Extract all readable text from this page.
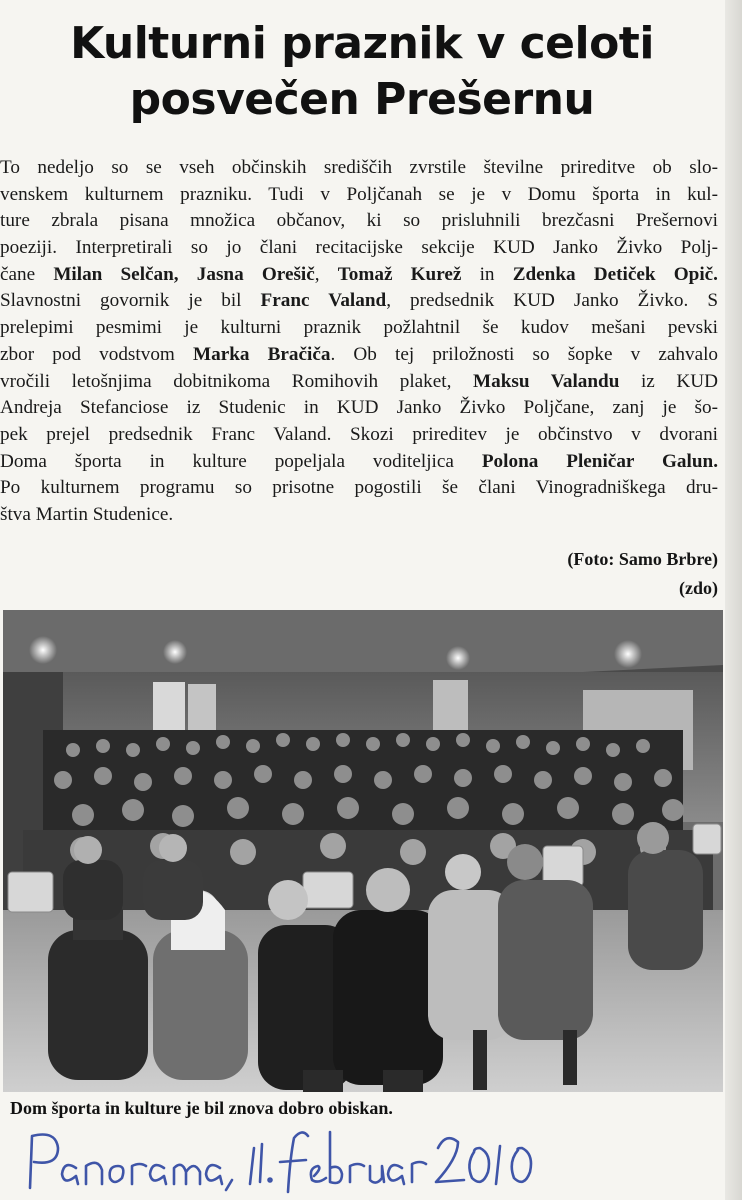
Kulturni praznik v celoti
posvečen Prešernu
To nedeljo so se vseh občinskih središčih zvrstile številne prireditve ob slo-
venskem kulturnem prazniku. Tudi v Poljčanah se je v Domu športa in kul-
ture zbrala pisana množica občanov, ki so prisluhnili brezčasni Prešernovi
poeziji. Interpretirali so jo člani recitacijske sekcije KUD Janko Živko Polj-
čane Milan Selčan, Jasna Orešič, Tomaž Kurež in Zdenka Detiček Opič.
Slavnostni govornik je bil Franc Valand, predsednik KUD Janko Živko. S
prelepimi pesmimi je kulturni praznik požlahtnil še kudov mešani pevski
zbor pod vodstvom Marka Bračiča. Ob tej priložnosti so šopke v zahvalo
vročili letošnjima dobitnikoma Romihovih plaket, Maksu Valandu iz KUD
Andreja Stefanciose iz Studenic in KUD Janko Živko Poljčane, zanj je šo-
pek prejel predsednik Franc Valand. Skozi prireditev je občinstvo v dvorani
Doma športa in kulture popeljala voditeljica Polona Pleničar Galun.
Po kulturnem programu so prisotne pogostili še člani Vinogradniškega dru-
štva Martin Studenice.
(Foto: Samo Brbre)
(zdo)
Dom športa in kulture je bil znova dobro obiskan.
